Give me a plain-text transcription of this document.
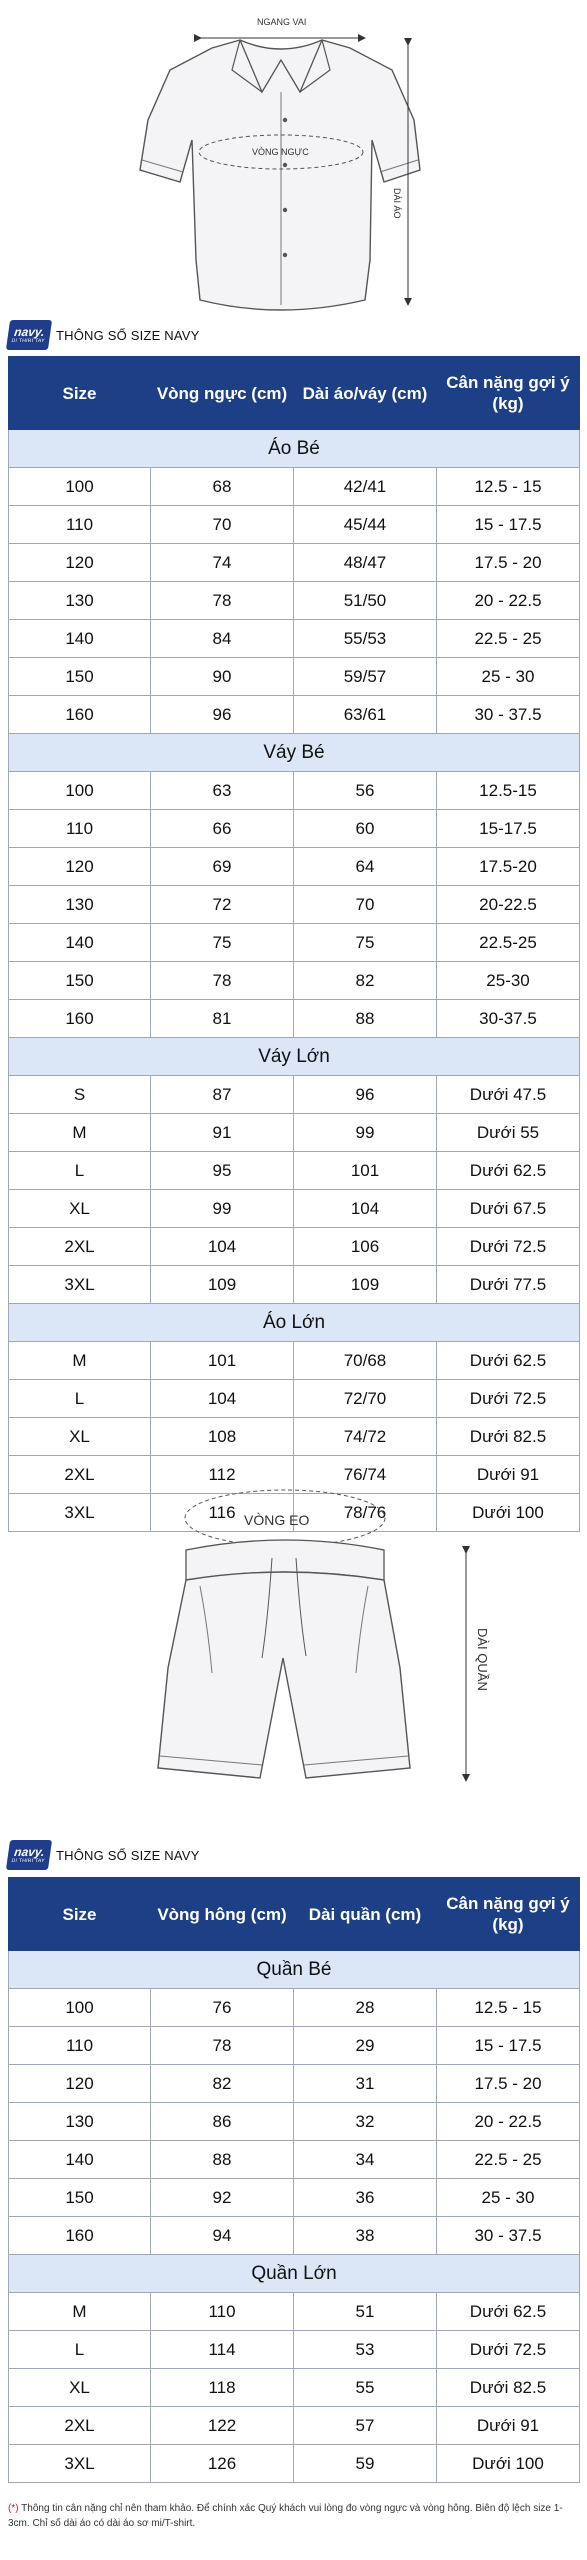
NGANG VAI
VÒNG NGỰC
DÀI ÁO
navy.
DI THIRI TAY THÔNG SỐ SIZE NAVY
Size	Vòng ngực (cm)	Dài áo/váy (cm)	Cân nặng gợi ý (kg)
Áo Bé			
100	68	42/41	12.5 - 15
110	70	45/44	15 - 17.5
120	74	48/47	17.5 - 20
130	78	51/50	20 - 22.5
140	84	55/53	22.5 - 25
150	90	59/57	25 - 30
160	96	63/61	30 - 37.5
Váy Bé			
100	63	56	12.5-15
110	66	60	15-17.5
120	69	64	17.5-20
130	72	70	20-22.5
140	75	75	22.5-25
150	78	82	25-30
160	81	88	30-37.5
Váy Lớn			
S	87	96	Dưới 47.5
M	91	99	Dưới 55
L	95	101	Dưới 62.5
XL	99	104	Dưới 67.5
2XL	104	106	Dưới 72.5
3XL	109	109	Dưới 77.5
Áo Lớn			
M	101	70/68	Dưới 62.5
L	104	72/70	Dưới 72.5
XL	108	74/72	Dưới 82.5
2XL	112	76/74	Dưới 91
3XL	116	78/76	Dưới 100
VÒNG EO
DÀI QUẦN
navy.
DI THIRI TAY THÔNG SỐ SIZE NAVY
Size	Vòng hông (cm)	Dài quần (cm)	Cân nặng gợi ý (kg)
Quần Bé			
100	76	28	12.5 - 15
110	78	29	15 - 17.5
120	82	31	17.5 - 20
130	86	32	20 - 22.5
140	88	34	22.5 - 25
150	92	36	25 - 30
160	94	38	30 - 37.5
Quần Lớn			
M	110	51	Dưới 62.5
L	114	53	Dưới 72.5
XL	118	55	Dưới 82.5
2XL	122	57	Dưới 91
3XL	126	59	Dưới 100
(*) Thông tin cân nặng chỉ nên tham khảo. Để chính xác Quý khách vui lòng đo vòng ngực và vòng hông. Biên độ lệch size 1-3cm. Chỉ số dài áo có dài áo sơ mi/T-shirt.
